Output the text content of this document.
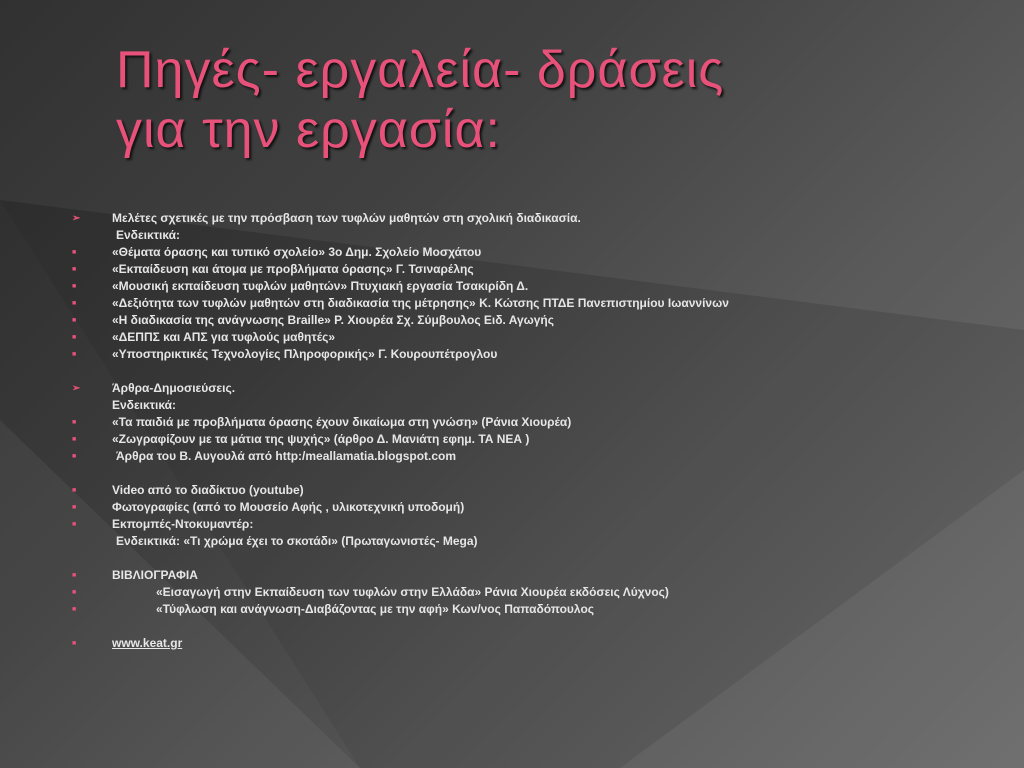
Πηγές- εργαλεία- δράσεις
για την εργασία:
➢	Μελέτες σχετικές με την πρόσβαση των τυφλών μαθητών στη σχολική διαδικασία.
Ενδεικτικά:
■	«Θέματα όρασης και τυπικό σχολείο» 3ο Δημ. Σχολείο Μοσχάτου
■	«Εκπαίδευση και άτομα με προβλήματα όρασης» Γ. Τσιναρέλης
■	«Μουσική εκπαίδευση τυφλών μαθητών» Πτυχιακή εργασία Τσακιρίδη Δ.
■	«Δεξιότητα των τυφλών μαθητών στη διαδικασία της μέτρησης» Κ. Κώτσης ΠΤΔΕ Πανεπιστημίου Ιωαννίνων
■	«Η διαδικασία της ανάγνωσης Braille» Ρ. Χιουρέα Σχ. Σύμβουλος Ειδ. Αγωγής
■	«ΔΕΠΠΣ και ΑΠΣ για τυφλούς μαθητές»
■	«Υποστηρικτικές Τεχνολογίες Πληροφορικής» Γ. Κουρουπέτρογλου
➢	Άρθρα-Δημοσιεύσεις.
Ενδεικτικά:
■	«Τα παιδιά με προβλήματα όρασης έχουν δικαίωμα στη γνώση» (Ράνια Χιουρέα)
■	«Ζωγραφίζουν με τα μάτια της ψυχής» (άρθρο Δ. Μανιάτη εφημ. ΤΑ ΝΕΑ )
■	Άρθρα του Β. Αυγουλά από http:/meallamatia.blogspot.com
■	Video από το διαδίκτυο (youtube)
■	Φωτογραφίες (από το Μουσείο Αφής , υλικοτεχνική υποδομή)
■	Εκπομπές-Ντοκυμαντέρ:
Ενδεικτικά: «Τι χρώμα έχει το σκοτάδι» (Πρωταγωνιστές- Mega)
■	ΒΙΒΛΙΟΓΡΑΦΙΑ
■	«Εισαγωγή στην Εκπαίδευση των τυφλών στην Ελλάδα» Ράνια Χιουρέα εκδόσεις Λύχνος)
■	«Τύφλωση και ανάγνωση-Διαβάζοντας με την αφή» Κων/νος Παπαδόπουλος
■	www.keat.gr
